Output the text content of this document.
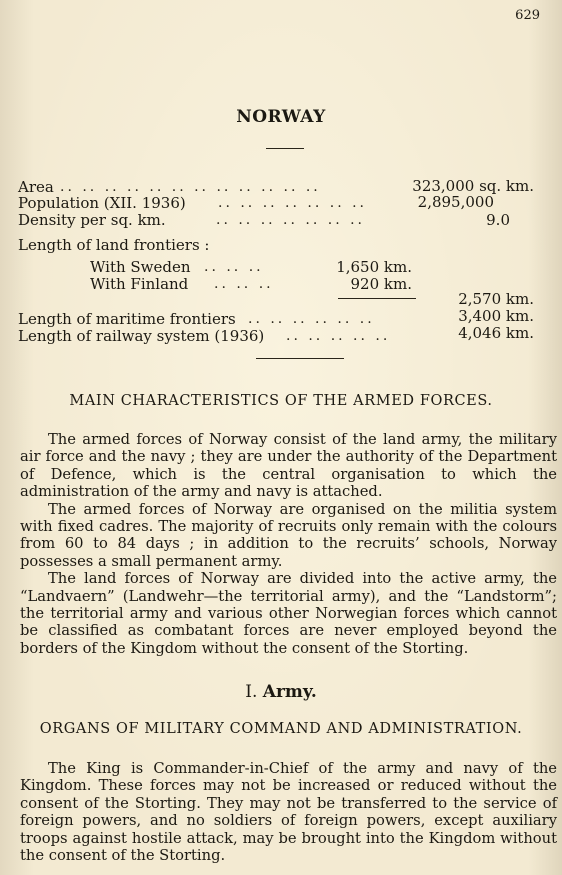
629
NORWAY
Area .. .. .. .. .. .. .. .. .. .. .. ..	323,000 sq. km.
Population (XII. 1936) .. .. .. .. .. .. ..	2,895,000
Density per sq. km.	.. .. .. .. .. .. ..	9.0
Length of land frontiers :
With Sweden .. .. ..	1,650 km.
With Finland .. .. ..	920 km.
2,570 km.
Length of maritime frontiers .. .. .. .. .. ..	3,400 km.
Length of railway system (1936) .. .. .. .. ..	4,046 km.
MAIN CHARACTERISTICS OF THE ARMED FORCES.

The armed forces of Norway consist of the land army, the military air force and the navy ; they are under the authority of the Department of Defence, which is the central organisation to which the administration of the army and navy is attached.

The armed forces of Norway are organised on the militia system with fixed cadres. The majority of recruits only remain with the colours from 60 to 84 days ; in addition to the recruits’ schools, Norway possesses a small permanent army.

The land forces of Norway are divided into the active army, the “Landvaern” (Landwehr—the territorial army), and the “Landstorm”; the territorial army and various other Norwegian forces which cannot be classified as combatant forces are never employed beyond the borders of the Kingdom without the consent of the Storting.

I. Army.
ORGANS OF MILITARY COMMAND AND ADMINISTRATION.

The King is Commander-in-Chief of the army and navy of the Kingdom. These forces may not be increased or reduced without the consent of the Storting. They may not be transferred to the service of foreign powers, and no soldiers of foreign powers, except auxiliary troops against hostile attack, may be brought into the Kingdom without the consent of the Storting.
